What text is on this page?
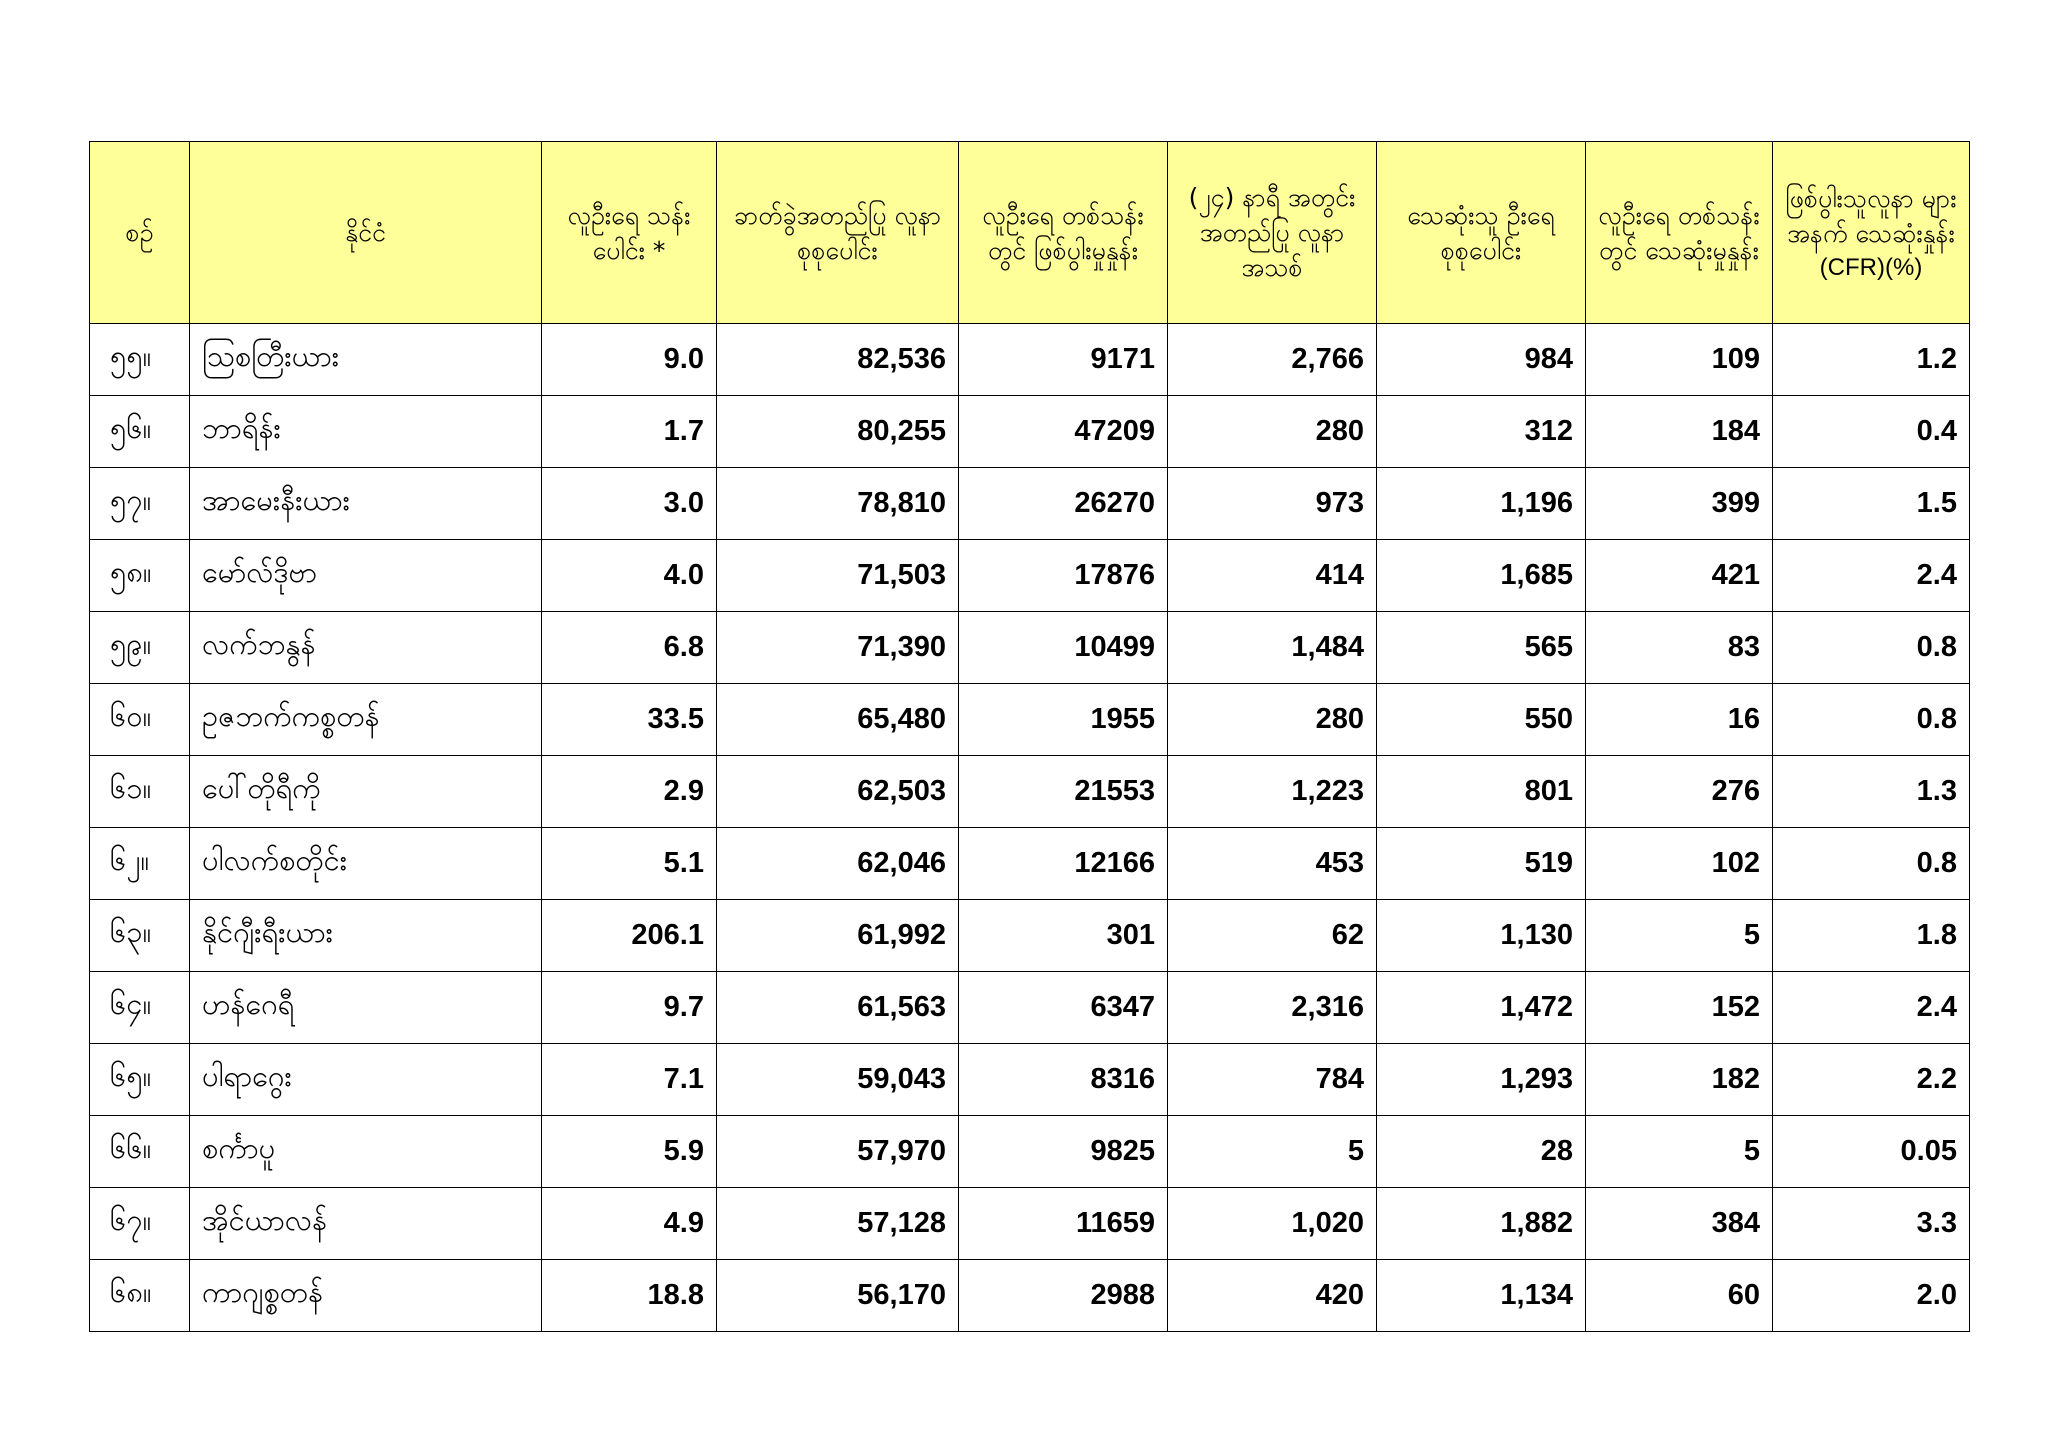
စဉ်	နိုင်ငံ	လူဦးရေ သန်းပေါင်း *	ခာတ်ခွဲအတည်ပြု လူနာ စုစုပေါင်း	လူဦးရေ တစ်သန်းတွင် ဖြစ်ပွါးမှုနှုန်း	(၂၄) နာရီ အတွင်း အတည်ပြု လူနာအသစ်	သေဆုံးသူ ဦးရေ စုစုပေါင်း	လူဦးရေ တစ်သန်းတွင် သေဆုံးမှုနှုန်း	ဖြစ်ပွါးသူလူနာ များအနက် သေဆုံးနှုန်း
(CFR)(%)

၅၅။	သြစတြီးယား	9.0	82,536	9171	2,766	984	109	1.2
၅၆။	ဘာရိန်း	1.7	80,255	47209	280	312	184	0.4
၅၇။	အာမေးနီးယား	3.0	78,810	26270	973	1,196	399	1.5
၅၈။	မော်လ်ဒိုဗာ	4.0	71,503	17876	414	1,685	421	2.4
၅၉။	လက်ဘနွန်	6.8	71,390	10499	1,484	565	83	0.8
၆၀။	ဥဇဘက်ကစ္စတန်	33.5	65,480	1955	280	550	16	0.8
၆၁။	ပေါ်တိုရီကို	2.9	62,503	21553	1,223	801	276	1.3
၆၂။	ပါလက်စတိုင်း	5.1	62,046	12166	453	519	102	0.8
၆၃။	နိုင်ဂျီးရီးယား	206.1	61,992	301	62	1,130	5	1.8
၆၄။	ဟန်ဂေရီ	9.7	61,563	6347	2,316	1,472	152	2.4
၆၅။	ပါရာဂွေး	7.1	59,043	8316	784	1,293	182	2.2
၆၆။	စင်္ကာပူ	5.9	57,970	9825	5	28	5	0.05
၆၇။	အိုင်ယာလန်	4.9	57,128	11659	1,020	1,882	384	3.3
၆၈။	ကာဂျစ္စတန်	18.8	56,170	2988	420	1,134	60	2.0
